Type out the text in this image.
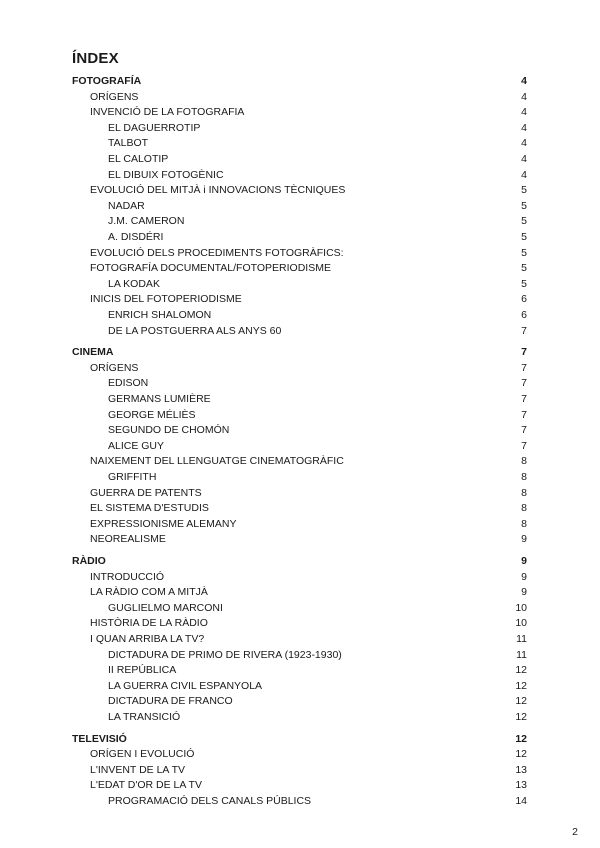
ÍNDEX
FOTOGRAFÍA	4
ORÍGENS	4
INVENCIÓ DE LA FOTOGRAFIA	4
EL DAGUERROTIP	4
TALBOT	4
EL CALOTIP	4
EL DIBUIX FOTOGÈNIC	4
EVOLUCIÓ DEL MITJÀ i INNOVACIONS TÈCNIQUES	5
NADAR	5
J.M. CAMERON	5
A. DISDÉRI	5
EVOLUCIÓ DELS PROCEDIMENTS FOTOGRÀFICS:	5
FOTOGRAFÍA DOCUMENTAL/FOTOPERIODISME	5
LA KODAK	5
INICIS DEL FOTOPERIODISME	6
ENRICH SHALOMON	6
DE LA POSTGUERRA ALS ANYS 60	7
CINEMA	7
ORÍGENS	7
EDISON	7
GERMANS LUMIÈRE	7
GEORGE MÉLIÈS	7
SEGUNDO DE CHOMÓN	7
ALICE GUY	7
NAIXEMENT DEL LLENGUATGE CINEMATOGRÀFIC	8
GRIFFITH	8
GUERRA DE PATENTS	8
EL SISTEMA D'ESTUDIS	8
EXPRESSIONISME ALEMANY	8
NEOREALISME	9
RÀDIO	9
INTRODUCCIÓ	9
LA RÀDIO COM A MITJÀ	9
GUGLIELMO MARCONI	10
HISTÒRIA DE LA RÀDIO	10
I QUAN ARRIBA LA TV?	11
DICTADURA DE PRIMO DE RIVERA (1923-1930)	11
II REPÚBLICA	12
LA GUERRA CIVIL ESPANYOLA	12
DICTADURA DE FRANCO	12
LA TRANSICIÓ	12
TELEVISIÓ	12
ORÍGEN I EVOLUCIÓ	12
L'INVENT DE LA TV	13
L'EDAT D'OR DE LA TV	13
PROGRAMACIÓ DELS CANALS PÚBLICS	14
2
